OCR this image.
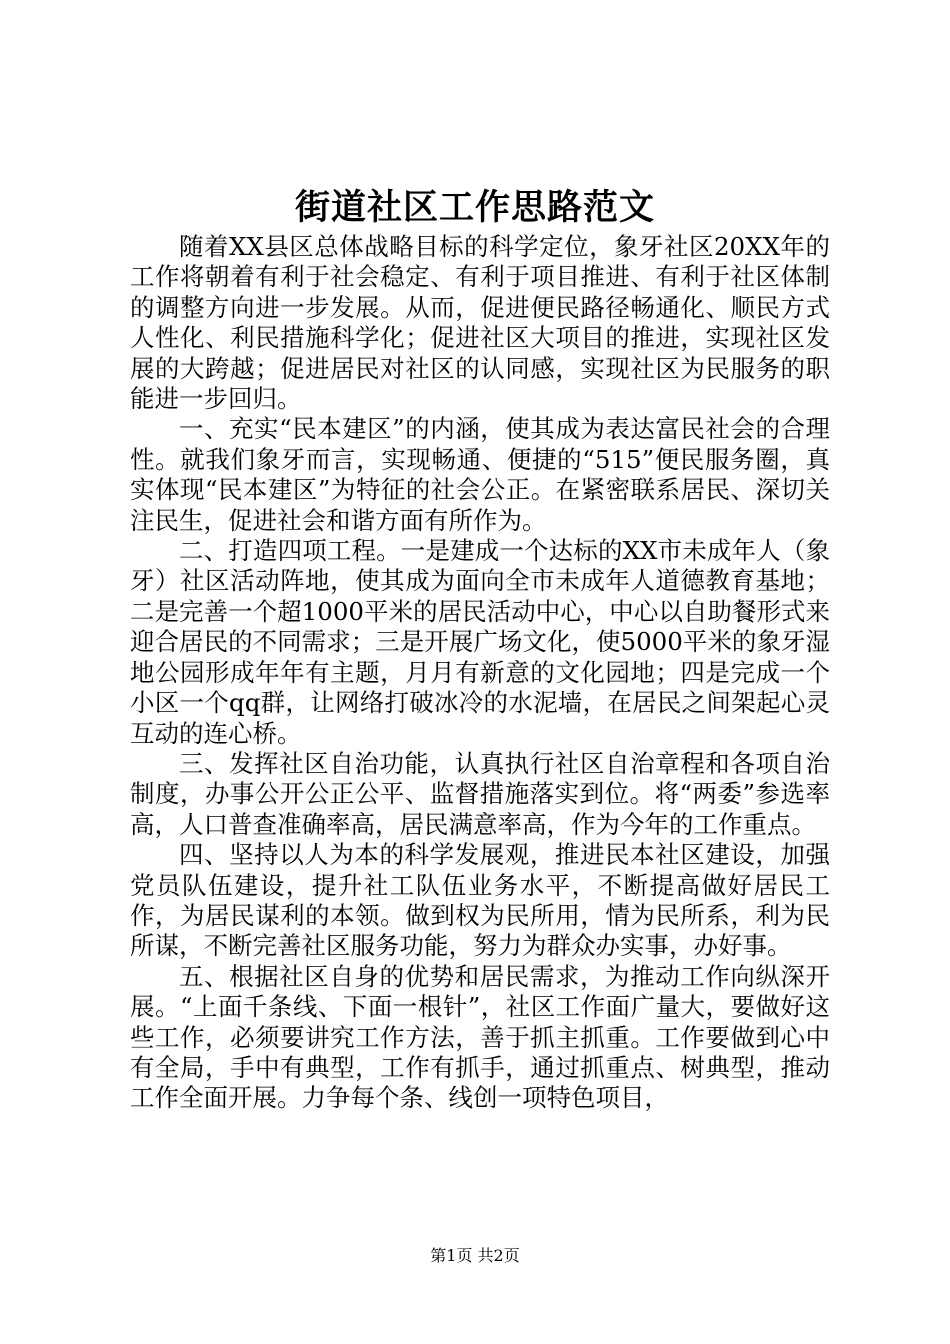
街道社区工作思路范文

随着XX县区总体战略目标的科学定位，象牙社区20XX年的工作将朝着有利于社会稳定、有利于项目推进、有利于社区体制的调整方向进一步发展。从而，促进便民路径畅通化、顺民方式人性化、利民措施科学化；促进社区大项目的推进，实现社区发展的大跨越；促进居民对社区的认同感，实现社区为民服务的职能进一步回归。

一、充实“民本建区”的内涵，使其成为表达富民社会的合理性。就我们象牙而言，实现畅通、便捷的“515”便民服务圈，真实体现“民本建区”为特征的社会公正。在紧密联系居民、深切关注民生，促进社会和谐方面有所作为。

二、打造四项工程。一是建成一个达标的XX市未成年人（象牙）社区活动阵地，使其成为面向全市未成年人道德教育基地；二是完善一个超1000平米的居民活动中心，中心以自助餐形式来迎合居民的不同需求；三是开展广场文化，使5000平米的象牙湿地公园形成年年有主题，月月有新意的文化园地；四是完成一个小区一个qq群，让网络打破冰冷的水泥墙，在居民之间架起心灵互动的连心桥。

三、发挥社区自治功能，认真执行社区自治章程和各项自治制度，办事公开公正公平、监督措施落实到位。将“两委”参选率高，人口普查准确率高，居民满意率高，作为今年的工作重点。

四、坚持以人为本的科学发展观，推进民本社区建设，加强党员队伍建设，提升社工队伍业务水平，不断提高做好居民工作，为居民谋利的本领。做到权为民所用，情为民所系，利为民所谋，不断完善社区服务功能，努力为群众办实事，办好事。

五、根据社区自身的优势和居民需求，为推动工作向纵深开展。“上面千条线、下面一根针”，社区工作面广量大，要做好这些工作，必须要讲究工作方法，善于抓主抓重。工作要做到心中有全局，手中有典型，工作有抓手，通过抓重点、树典型，推动工作全面开展。力争每个条、线创一项特色项目，

第1页 共2页
